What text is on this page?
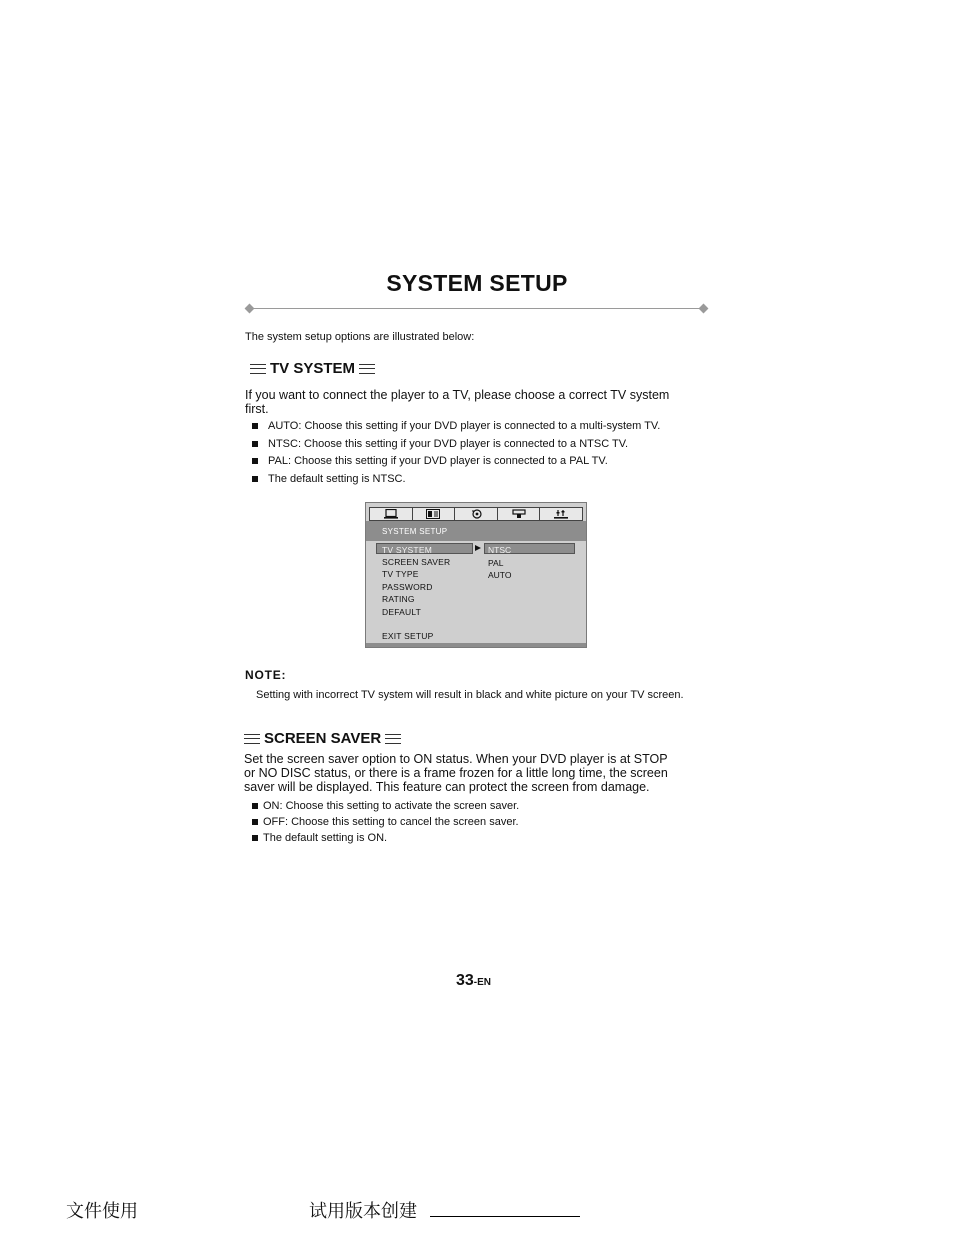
SYSTEM SETUP
The system setup options are illustrated below:
TV SYSTEM
If you want to connect the player to a TV, please choose a correct TV system
first.
AUTO: Choose this setting if your DVD player is connected to a multi-system TV.
NTSC: Choose this setting if your DVD player is connected to a NTSC TV.
PAL: Choose this setting if your DVD player is connected to a PAL TV.
The default setting is NTSC.
SYSTEM SETUP
TV SYSTEM
SCREEN SAVER
TV TYPE
PASSWORD
RATING
DEFAULT
EXIT SETUP
NTSC
PAL
AUTO
NOTE:
Setting with incorrect TV system will result in black and white picture on your TV screen.
SCREEN SAVER
Set the screen saver option to ON status. When your DVD player is at STOP
or NO DISC status, or there is a frame frozen for a little long time, the screen
saver will be displayed. This feature can protect the screen from damage.
ON: Choose this setting to activate the screen saver.
OFF: Choose this setting to cancel the screen saver.
The default setting is ON.
33-EN
文件使用	试用版本创建
